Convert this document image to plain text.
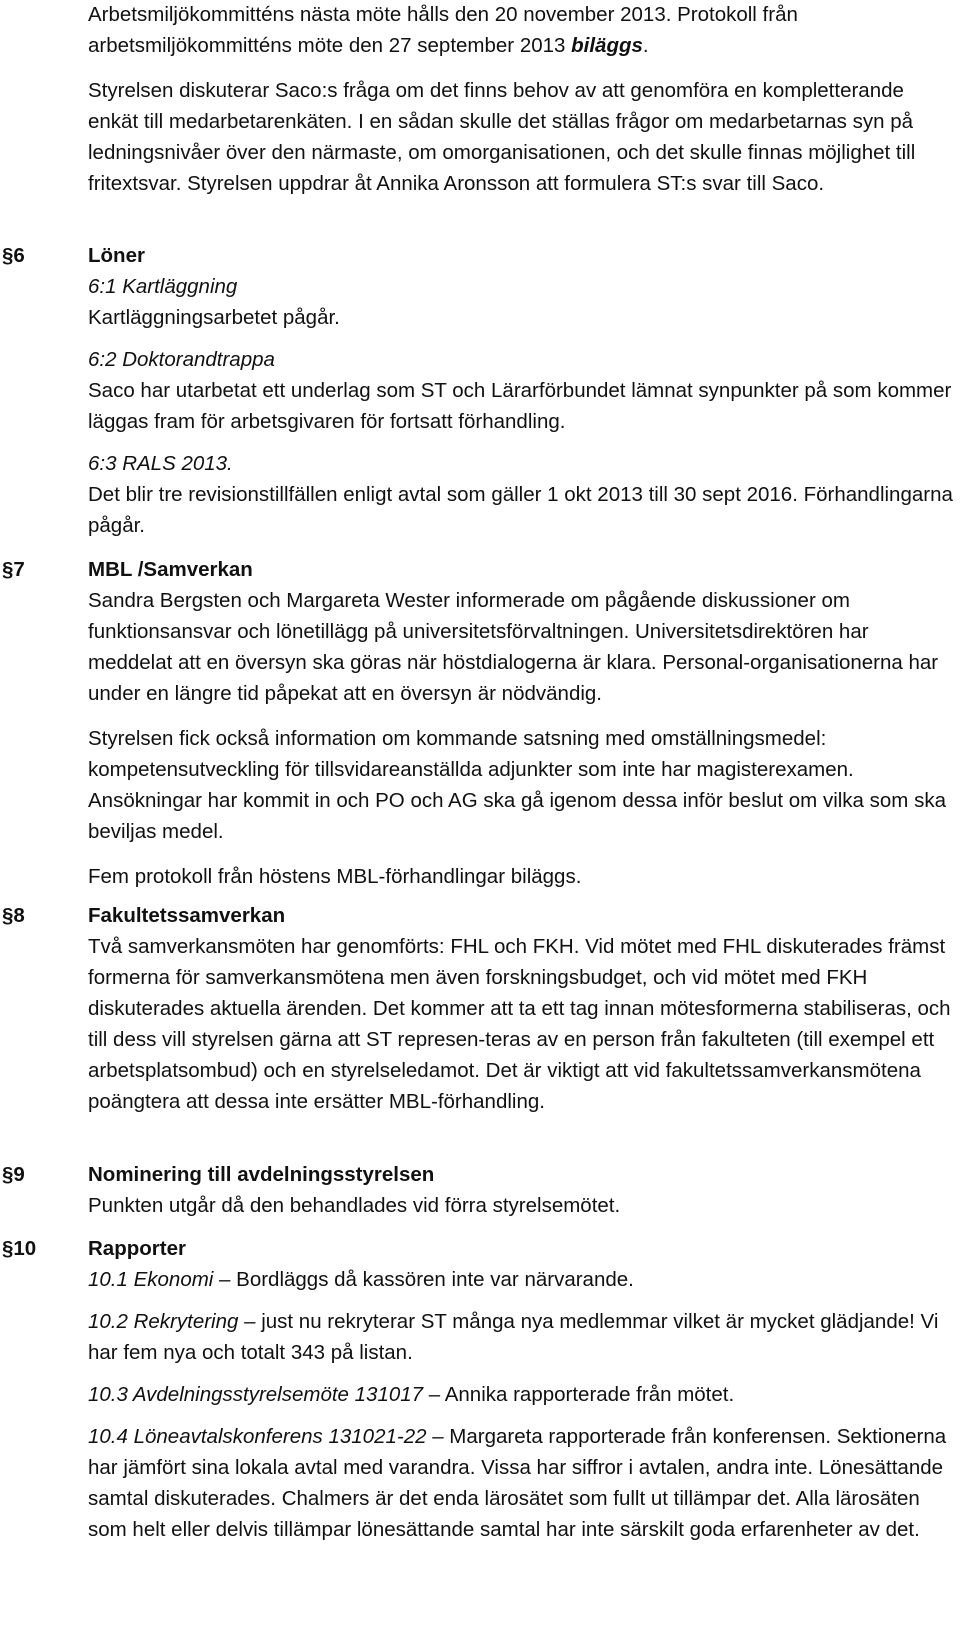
Arbetsmiljökommitténs nästa möte hålls den 20 november 2013. Protokoll från arbetsmiljökommitténs möte den 27 september 2013 biläggs.

Styrelsen diskuterar Saco:s fråga om det finns behov av att genomföra en kompletterande enkät till medarbetarenkäten. I en sådan skulle det ställas frågor om medarbetarnas syn på ledningsnivåer över den närmaste, om omorganisationen, och det skulle finnas möjlighet till fritextsvar. Styrelsen uppdrar åt Annika Aronsson att formulera ST:s svar till Saco.

§6	Löner

6:1 Kartläggning

Kartläggningsarbetet pågår.

6:2 Doktorandtrappa

Saco har utarbetat ett underlag som ST och Lärarförbundet lämnat synpunkter på som kommer läggas fram för arbetsgivaren för fortsatt förhandling.

6:3 RALS 2013.

Det blir tre revisionstillfällen enligt avtal som gäller 1 okt 2013 till 30 sept 2016. Förhandlingarna pågår.

§7	MBL /Samverkan

Sandra Bergsten och Margareta Wester informerade om pågående diskussioner om funktionsansvar och lönetillägg på universitetsförvaltningen. Universitetsdirektören har meddelat att en översyn ska göras när höstdialogerna är klara. Personal-organisationerna har under en längre tid påpekat att en översyn är nödvändig.

Styrelsen fick också information om kommande satsning med omställningsmedel: kompetensutveckling för tillsvidareanställda adjunkter som inte har magisterexamen. Ansökningar har kommit in och PO och AG ska gå igenom dessa inför beslut om vilka som ska beviljas medel.

Fem protokoll från höstens MBL-förhandlingar biläggs.

§8	Fakultetssamverkan

Två samverkansmöten har genomförts: FHL och FKH. Vid mötet med FHL diskuterades främst formerna för samverkansmötena men även forskningsbudget, och vid mötet med FKH diskuterades aktuella ärenden. Det kommer att ta ett tag innan mötesformerna stabiliseras, och till dess vill styrelsen gärna att ST represen-teras av en person från fakulteten (till exempel ett arbetsplatsombud) och en styrelseledamot. Det är viktigt att vid fakultetssamverkansmötena poängtera att dessa inte ersätter MBL-förhandling.

§9	Nominering till avdelningsstyrelsen

Punkten utgår då den behandlades vid förra styrelsemötet.

§10	Rapporter

10.1 Ekonomi – Bordläggs då kassören inte var närvarande.

10.2 Rekrytering – just nu rekryterar ST många nya medlemmar vilket är mycket glädjande! Vi har fem nya och totalt 343 på listan.

10.3 Avdelningsstyrelsemöte 131017 – Annika rapporterade från mötet.

10.4 Löneavtalskonferens 131021-22 – Margareta rapporterade från konferensen. Sektionerna har jämfört sina lokala avtal med varandra. Vissa har siffror i avtalen, andra inte. Lönesättande samtal diskuterades. Chalmers är det enda lärosätet som fullt ut tillämpar det. Alla lärosäten som helt eller delvis tillämpar lönesättande samtal har inte särskilt goda erfarenheter av det.
